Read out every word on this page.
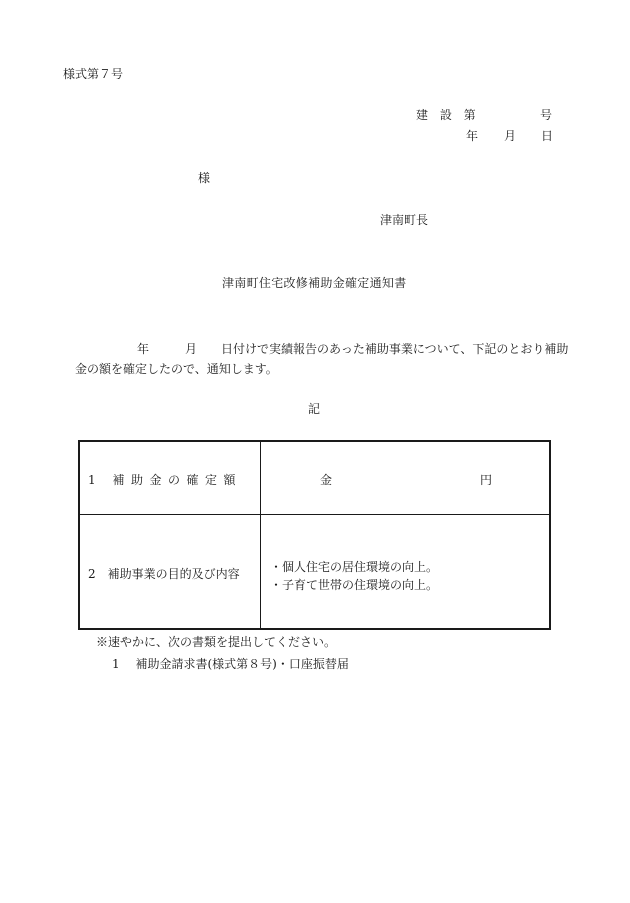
様式第７号
建 設 第	号
年 月 日
様
津南町長
津南町住宅改修補助金確定通知書
年	月 日付けで実績報告のあった補助事業について、下記のとおり補助
金の額を確定したので、通知します。
記
1 補助金の確定額	金	円
2　補助事業の目的及び内容	・個人住宅の居住環境の向上。
・子育て世帯の住環境の向上。
※速やかに、次の書類を提出してください。
1　 補助金請求書(様式第８号)・口座振替届
